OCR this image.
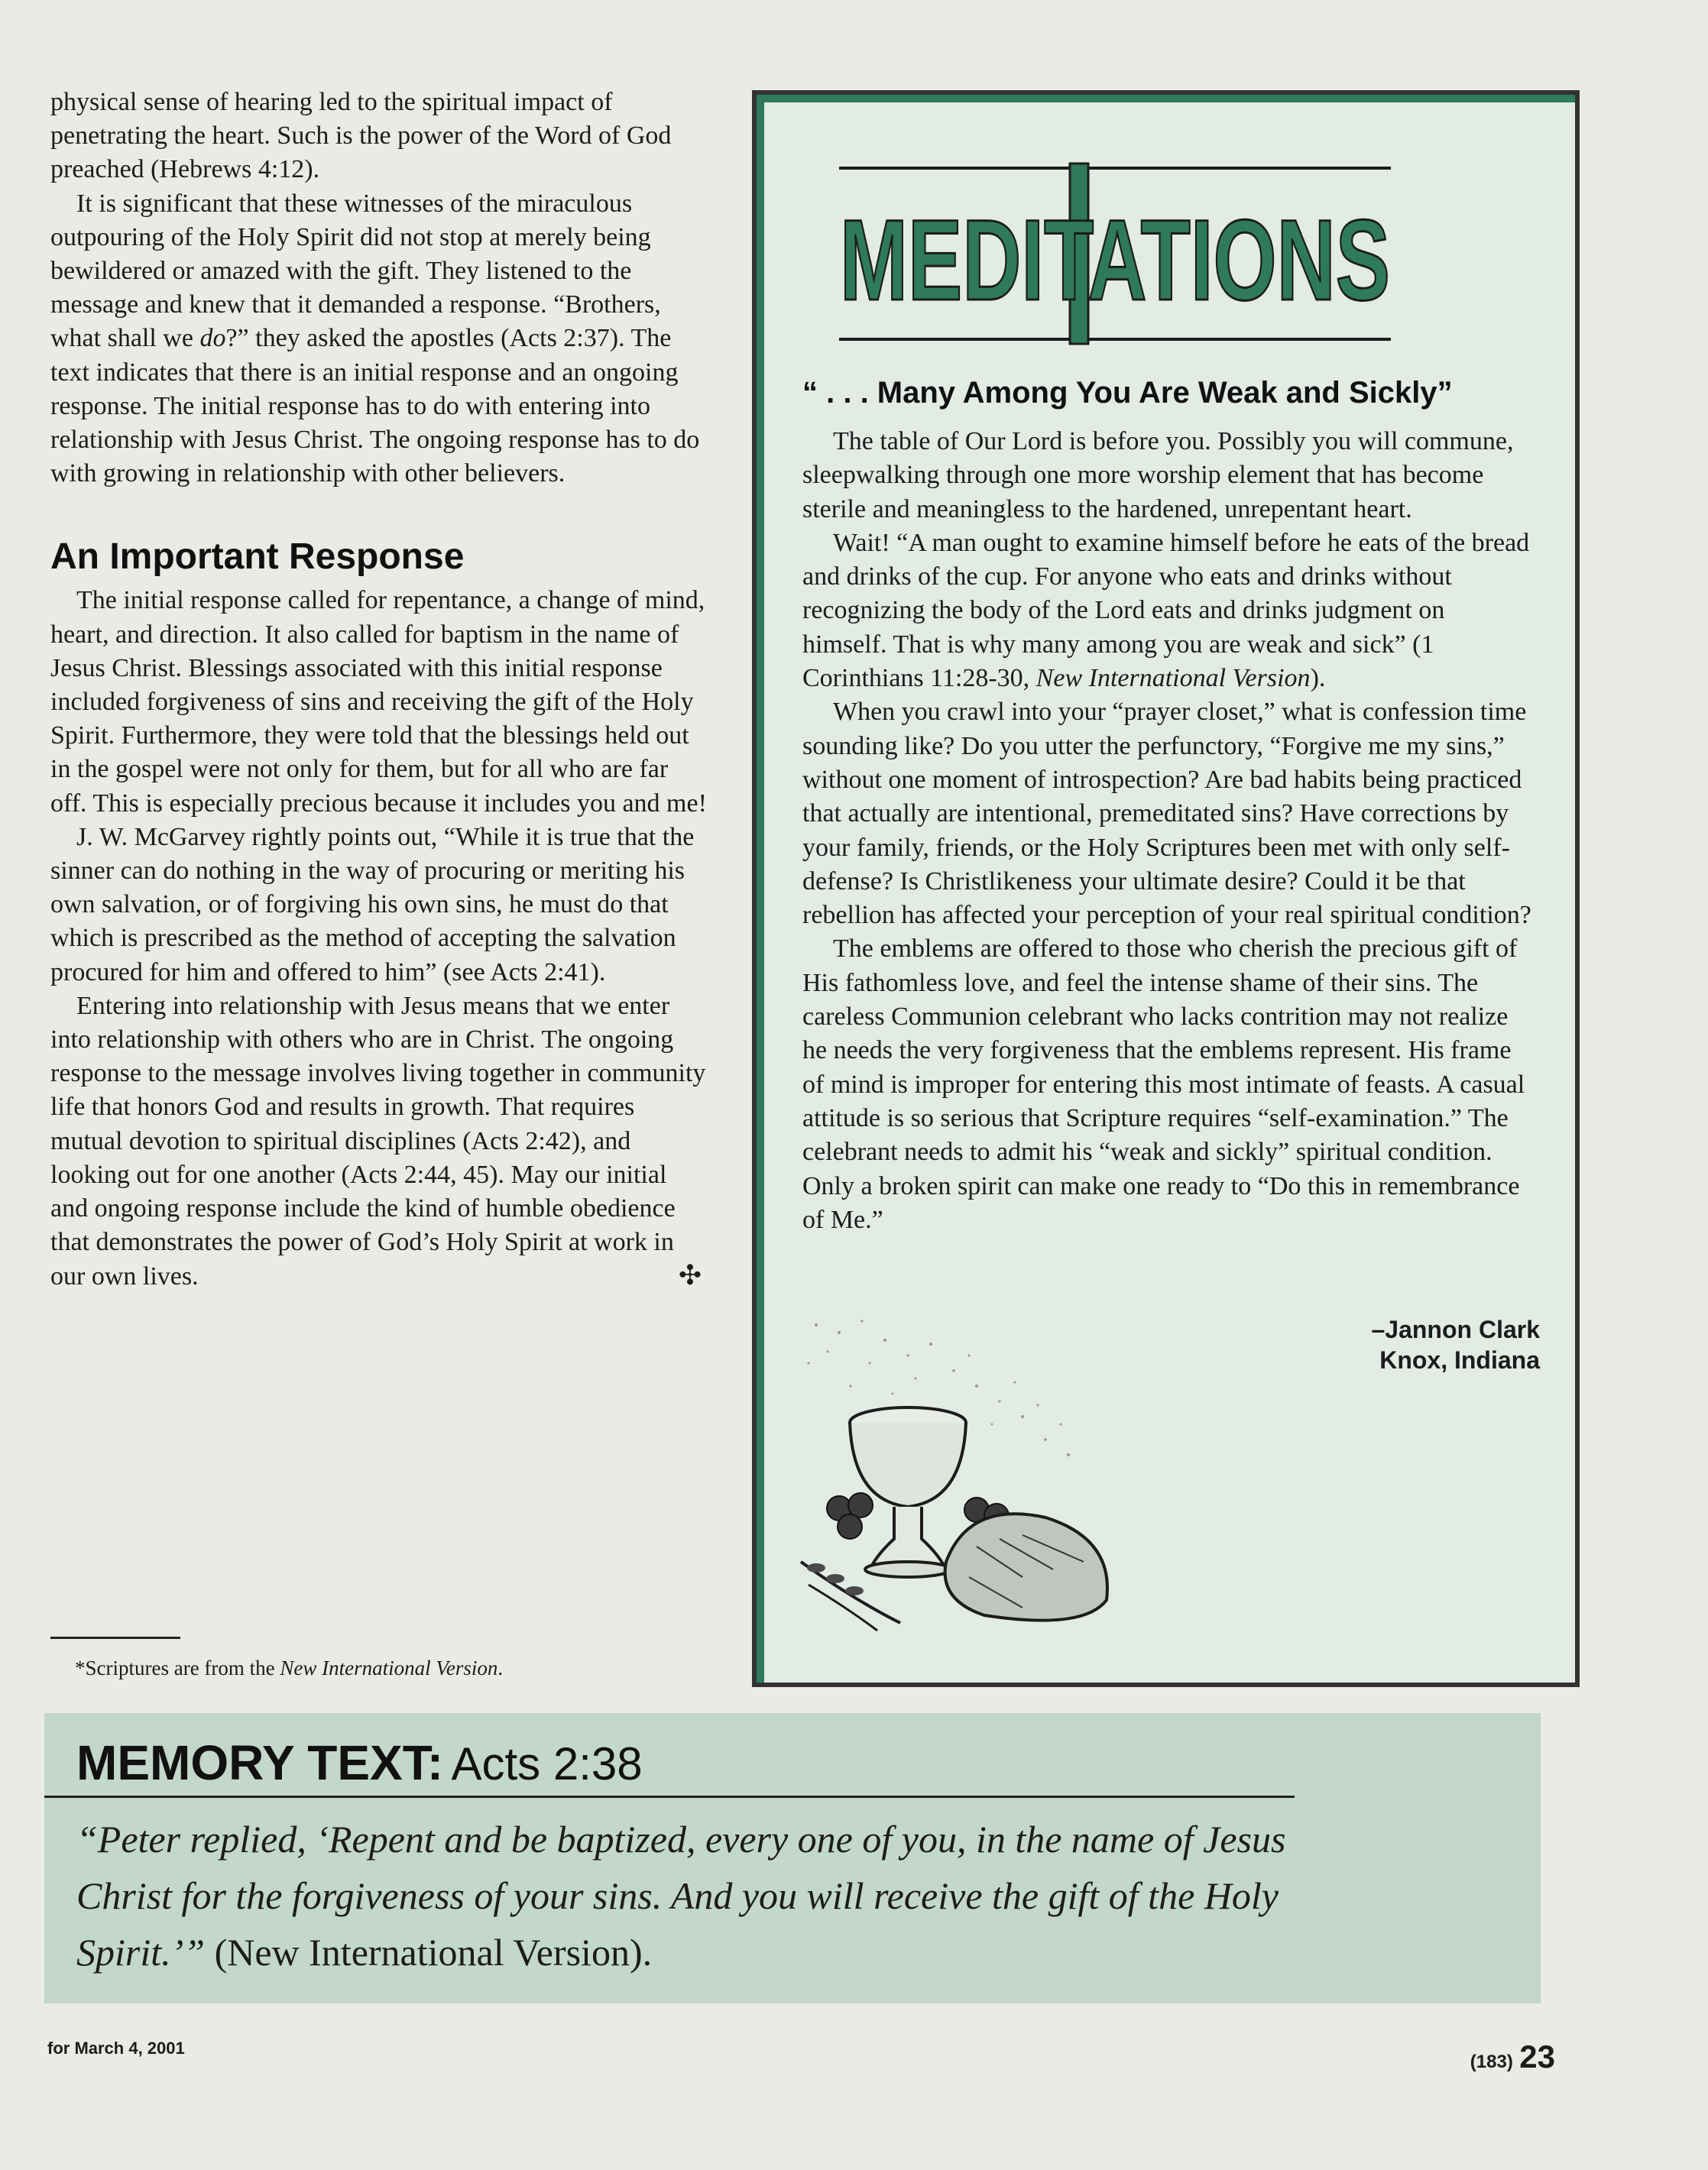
physical sense of hearing led to the spiritual impact of penetrating the heart. Such is the power of the Word of God preached (Hebrews 4:12).

It is significant that these witnesses of the miraculous outpouring of the Holy Spirit did not stop at merely being bewildered or amazed with the gift. They listened to the message and knew that it demanded a response. “Brothers, what shall we do?” they asked the apostles (Acts 2:37). The text indicates that there is an initial response and an ongoing response. The initial response has to do with entering into relationship with Jesus Christ. The ongoing response has to do with growing in relationship with other believers.

An Important Response

The initial response called for repentance, a change of mind, heart, and direction. It also called for baptism in the name of Jesus Christ. Blessings associated with this initial response included forgiveness of sins and receiving the gift of the Holy Spirit. Furthermore, they were told that the blessings held out in the gospel were not only for them, but for all who are far off. This is especially precious because it includes you and me!

J. W. McGarvey rightly points out, “While it is true that the sinner can do nothing in the way of procuring or meriting his own salvation, or of forgiving his own sins, he must do that which is prescribed as the method of accepting the salvation procured for him and offered to him” (see Acts 2:41).

Entering into relationship with Jesus means that we enter into relationship with others who are in Christ. The ongoing response to the message involves living together in community life that honors God and results in growth. That requires mutual devotion to spiritual disciplines (Acts 2:42), and looking out for one another (Acts 2:44, 45). May our initial and ongoing response include the kind of humble obedience that demonstrates the power of God’s Holy Spirit at work in our own lives.	✣

*Scriptures are from the New International Version.
MEDITATIONS
“ . . . Many Among You Are Weak and Sickly”

The table of Our Lord is before you. Possibly you will commune, sleepwalking through one more worship element that has become sterile and meaningless to the hardened, unrepentant heart.

Wait! “A man ought to examine himself before he eats of the bread and drinks of the cup. For anyone who eats and drinks without recognizing the body of the Lord eats and drinks judgment on himself. That is why many among you are weak and sick” (1 Corinthians 11:28-30, New International Version).

When you crawl into your “prayer closet,” what is confession time sounding like? Do you utter the perfunctory, “Forgive me my sins,” without one moment of introspection? Are bad habits being practiced that actually are intentional, premeditated sins? Have corrections by your family, friends, or the Holy Scriptures been met with only self-defense? Is Christlikeness your ultimate desire? Could it be that rebellion has affected your perception of your real spiritual condition?

The emblems are offered to those who cherish the precious gift of His fathomless love, and feel the intense shame of their sins. The careless Communion celebrant who lacks contrition may not realize he needs the very forgiveness that the emblems represent. His frame of mind is improper for entering this most intimate of feasts. A casual attitude is so serious that Scripture requires “self-examination.” The celebrant needs to admit his “weak and sickly” spiritual condition. Only a broken spirit can make one ready to “Do this in remembrance of Me.”

–Jannon Clark
Knox, Indiana
MEMORY TEXT: Acts 2:38
“Peter replied, ‘Repent and be baptized, every one of you, in the name of Jesus Christ for the forgiveness of your sins. And you will receive the gift of the Holy Spirit.’” (New International Version).
for March 4, 2001
(183) 23
